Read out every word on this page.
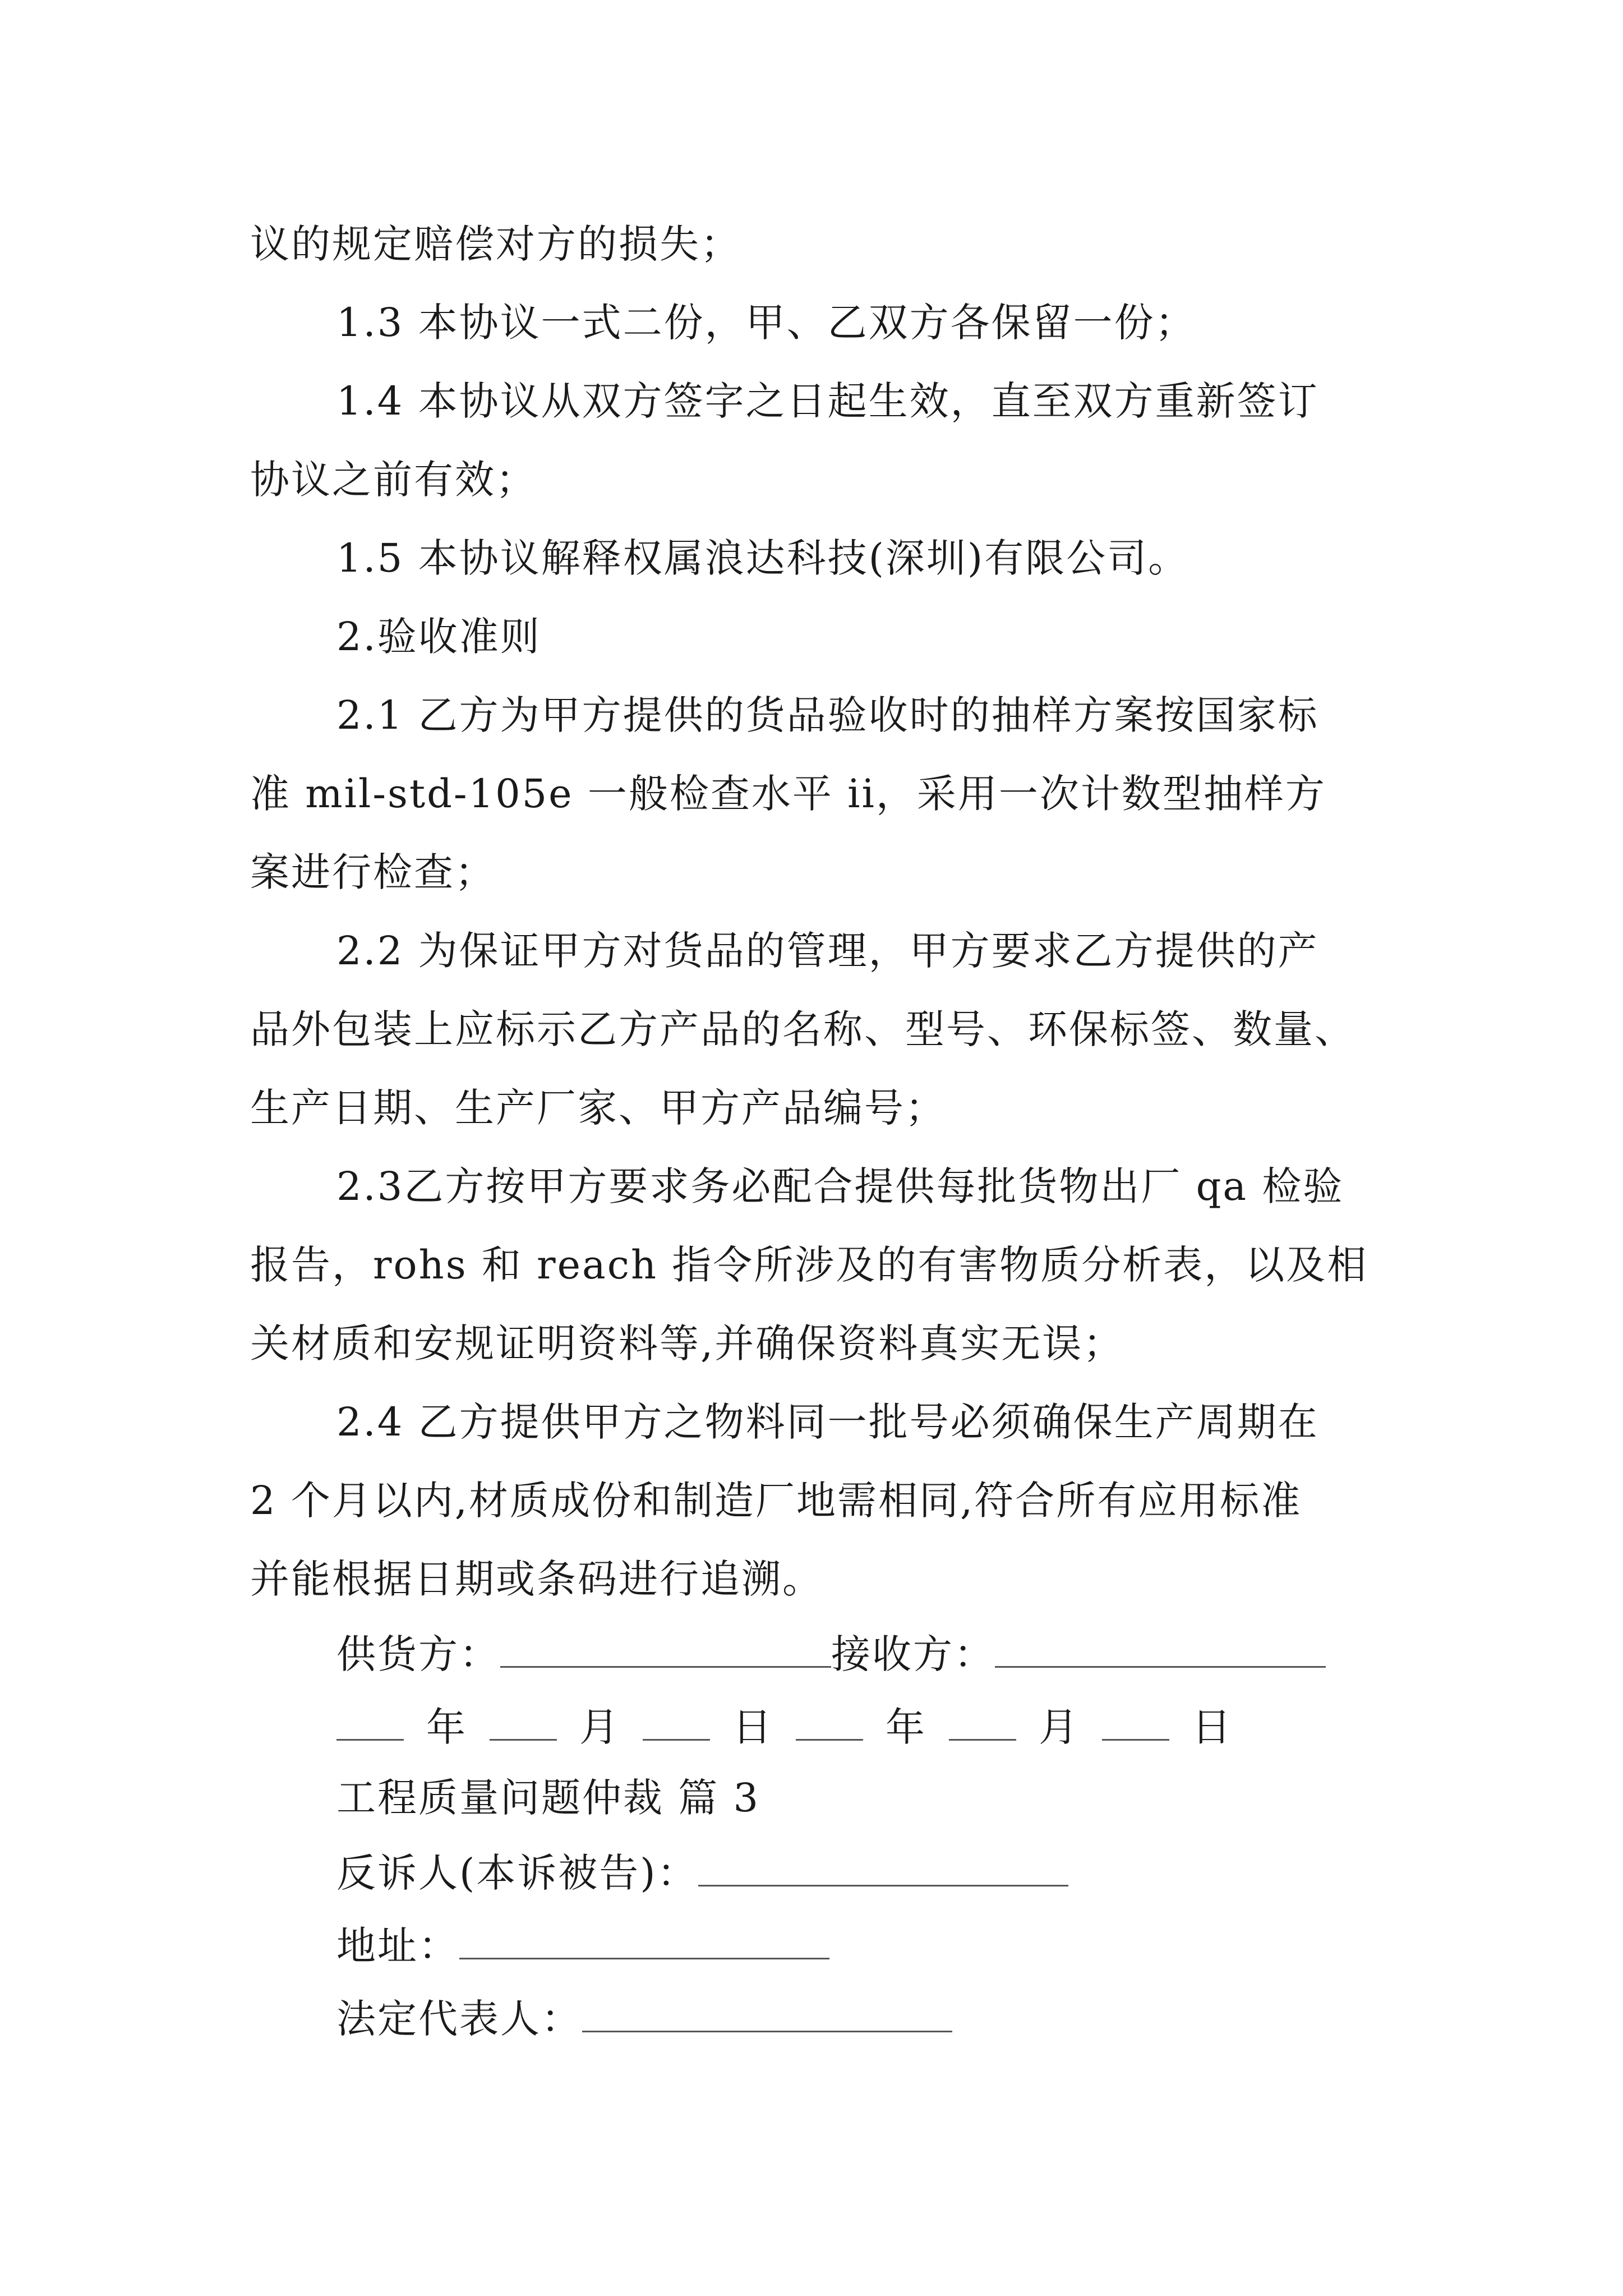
议的规定赔偿对方的损失；
1.3 本协议一式二份，甲、乙双方各保留一份；
1.4 本协议从双方签字之日起生效，直至双方重新签订
协议之前有效；
1.5 本协议解释权属浪达科技(深圳)有限公司。
2.验收准则
2.1 乙方为甲方提供的货品验收时的抽样方案按国家标
准 mil-std-105e 一般检查水平 ii，采用一次计数型抽样方
案进行检查；
2.2 为保证甲方对货品的管理，甲方要求乙方提供的产
品外包装上应标示乙方产品的名称、型号、环保标签、数量、
生产日期、生产厂家、甲方产品编号；
2.3乙方按甲方要求务必配合提供每批货物出厂 qa 检验
报告，rohs 和 reach 指令所涉及的有害物质分析表，以及相
关材质和安规证明资料等,并确保资料真实无误；
2.4 乙方提供甲方之物料同一批号必须确保生产周期在
2 个月以内,材质成份和制造厂地需相同,符合所有应用标准
并能根据日期或条码进行追溯。
供货方：	接收方：
年	月	日	年	月	日
工程质量问题仲裁 篇 3
反诉人(本诉被告)：
地址：
法定代表人：
